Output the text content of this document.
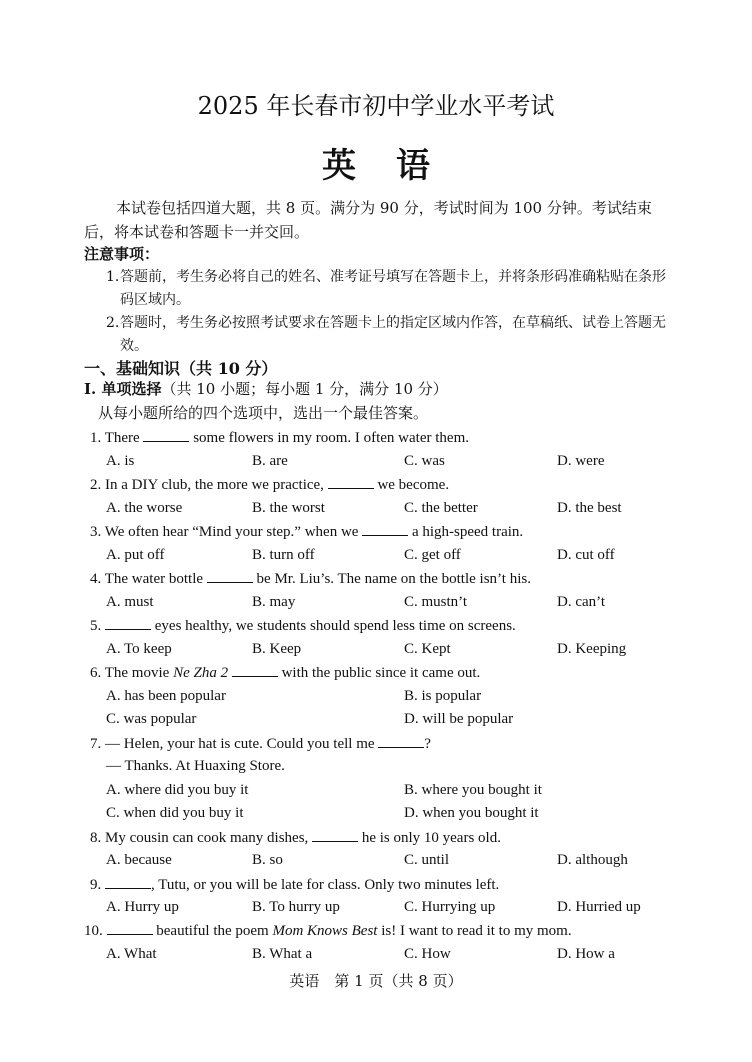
2025 年长春市初中学业水平考试
英语
本试卷包括四道大题，共 8 页。满分为 90 分，考试时间为 100 分钟。考试结束后，将本试卷和答题卡一并交回。
注意事项：
1. 答题前，考生务必将自己的姓名、准考证号填写在答题卡上，并将条形码准确粘贴在条形码区域内。
2. 答题时，考生务必按照考试要求在答题卡上的指定区域内作答，在草稿纸、试卷上答题无效。
一、基础知识（共 10 分）
I. 单项选择（共 10 小题；每小题 1 分，满分 10 分）
从每小题所给的四个选项中，选出一个最佳答案。
1. There	some flowers in my room. I often water them.
A. is	B. are	C. was	D. were
2. In a DIY club, the more we practice,	we become.
A. the worse	B. the worst	C. the better	D. the best
3. We often hear “Mind your step.” when we	a high-speed train.
A. put off	B. turn off	C. get off	D. cut off
4. The water bottle	be Mr. Liu’s. The name on the bottle isn’t his.
A. must	B. may	C. mustn’t	D. can’t
5.	eyes healthy, we students should spend less time on screens.
A. To keep	B. Keep	C. Kept	D. Keeping
6. The movie Ne Zha 2	with the public since it came out.
A. has been popular	B. is popular
C. was popular	D. will be popular
7. — Helen, your hat is cute. Could you tell me	?
— Thanks. At Huaxing Store.
A. where did you buy it	B. where you bought it
C. when did you buy it	D. when you bought it
8. My cousin can cook many dishes,	he is only 10 years old.
A. because	B. so	C. until	D. although
9.	, Tutu, or you will be late for class. Only two minutes left.
A. Hurry up	B. To hurry up	C. Hurrying up	D. Hurried up
10.	beautiful the poem Mom Knows Best is! I want to read it to my mom.
A. What	B. What a	C. How	D. How a
英语　第 1 页（共 8 页）
